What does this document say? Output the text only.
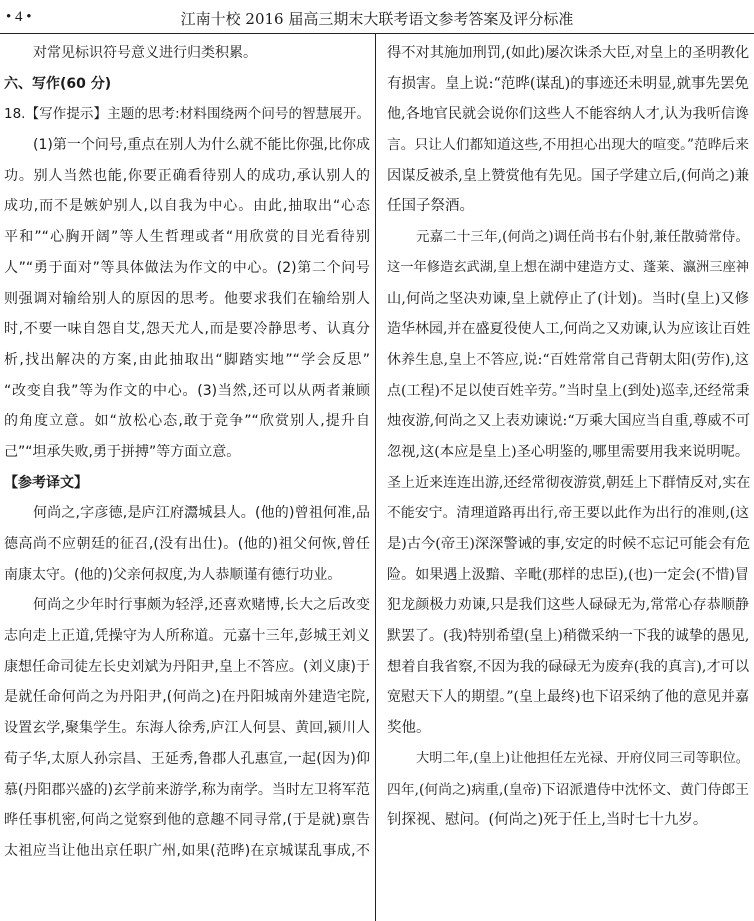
• 4 •	江南十校 2016 届高三期末大联考语文参考答案及评分标准
对常见标识符号意义进行归类积累。
六、写作(60 分)
18.【写作提示】主题的思考:材料围绕两个问号的智慧展开。
(1)第一个问号,重点在别人为什么就不能比你强,比你成
功。别人当然也能,你要正确看待别人的成功,承认别人的
成功,而不是嫉妒别人,以自我为中心。由此,抽取出“心态
平和”“心胸开阔”等人生哲理或者“用欣赏的目光看待别
人”“勇于面对”等具体做法为作文的中心。(2)第二个问号
则强调对输给别人的原因的思考。他要求我们在输给别人
时,不要一味自怨自艾,怨天尤人,而是要冷静思考、认真分
析,找出解决的方案,由此抽取出“脚踏实地”“学会反思”
“改变自我”等为作文的中心。(3)当然,还可以从两者兼顾
的角度立意。如“放松心态,敢于竞争”“欣赏别人,提升自
己”“坦承失败,勇于拼搏”等方面立意。
【参考译文】
何尚之,字彦德,是庐江府灊城县人。(他的)曾祖何准,品
德高尚不应朝廷的征召,(没有出仕)。(他的)祖父何恢,曾任
南康太守。(他的)父亲何叔度,为人恭顺谨有德行功业。
何尚之少年时行事颇为轻浮,还喜欢赌博,长大之后改变
志向走上正道,凭操守为人所称道。元嘉十三年,彭城王刘义
康想任命司徒左长史刘斌为丹阳尹,皇上不答应。(刘义康)于
是就任命何尚之为丹阳尹,(何尚之)在丹阳城南外建造宅院,
设置玄学,聚集学生。东海人徐秀,庐江人何昙、黄回,颍川人
荀子华,太原人孙宗昌、王延秀,鲁郡人孔惠宣,一起(因为)仰
慕(丹阳郡兴盛的)玄学前来游学,称为南学。当时左卫将军范
晔任事机密,何尚之觉察到他的意趣不同寻常,(于是就)禀告
太祖应当让他出京任职广州,如果(范晔)在京城谋乱事成,不
得不对其施加刑罚,(如此)屡次诛杀大臣,对皇上的圣明教化
有损害。皇上说:“范晔(谋乱)的事迹还未明显,就事先罢免
他,各地官民就会说你们这些人不能容纳人才,认为我听信谗
言。只让人们都知道这些,不用担心出现大的喧变。”范晔后来
因谋反被杀,皇上赞赏他有先见。国子学建立后,(何尚之)兼
任国子祭酒。
元嘉二十三年,(何尚之)调任尚书右仆射,兼任散骑常侍。
这一年修造玄武湖,皇上想在湖中建造方丈、蓬莱、瀛洲三座神
山,何尚之坚决劝谏,皇上就停止了(计划)。当时(皇上)又修
造华林园,并在盛夏役使人工,何尚之又劝谏,认为应该让百姓
休养生息,皇上不答应,说:“百姓常常自己背朝太阳(劳作),这
点(工程)不足以使百姓辛劳。”当时皇上(到处)巡幸,还经常秉
烛夜游,何尚之又上表劝谏说:“万乘大国应当自重,尊威不可
忽视,这(本应是皇上)圣心明鉴的,哪里需要用我来说明呢。
圣上近来连连出游,还经常彻夜游赏,朝廷上下群情反对,实在
不能安宁。清理道路再出行,帝王要以此作为出行的准则,(这
是)古今(帝王)深深警诫的事,安定的时候不忘记可能会有危
险。如果遇上汲黯、辛毗(那样的忠臣),(也)一定会(不惜)冒
犯龙颜极力劝谏,只是我们这些人碌碌无为,常常心存恭顺静
默罢了。(我)特别希望(皇上)稍微采纳一下我的诚挚的愚见,
想着自我省察,不因为我的碌碌无为废弃(我的真言),才可以
宽慰天下人的期望。”(皇上最终)也下诏采纳了他的意见并嘉
奖他。
大明二年,(皇上)让他担任左光禄、开府仪同三司等职位。
四年,(何尚之)病重,(皇帝)下诏派遣侍中沈怀文、黄门侍郎王
钊探视、慰问。(何尚之)死于任上,当时七十九岁。
